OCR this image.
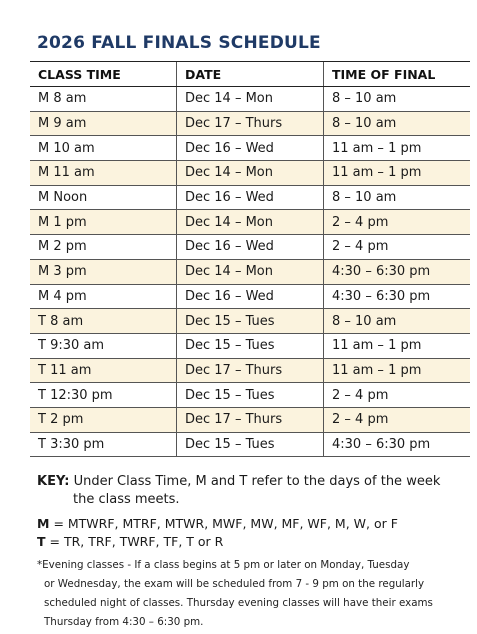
2026 FALL FINALS SCHEDULE
CLASS TIME	DATE	TIME OF FINAL
M 8 am	Dec 14 – Mon	8 – 10 am
M 9 am	Dec 17 – Thurs	8 – 10 am
M 10 am	Dec 16 – Wed	11 am – 1 pm
M 11 am	Dec 14 – Mon	11 am – 1 pm
M Noon	Dec 16 – Wed	8 – 10 am
M 1 pm	Dec 14 – Mon	2 – 4 pm
M 2 pm	Dec 16 – Wed	2 – 4 pm
M 3 pm	Dec 14 – Mon	4:30 – 6:30 pm
M 4 pm	Dec 16 – Wed	4:30 – 6:30 pm
T 8 am	Dec 15 – Tues	8 – 10 am
T 9:30 am	Dec 15 – Tues	11 am – 1 pm
T 11 am	Dec 17 – Thurs	11 am – 1 pm
T 12:30 pm	Dec 15 – Tues	2 – 4 pm
T 2 pm	Dec 17 – Thurs	2 – 4 pm
T 3:30 pm	Dec 15 – Tues	4:30 – 6:30 pm
KEY: Under Class Time, M and T refer to the days of the week
the class meets.
M = MTWRF, MTRF, MTWR, MWF, MW, MF, WF, M, W, or F
T = TR, TRF, TWRF, TF, T or R
*Evening classes - If a class begins at 5 pm or later on Monday, Tuesday
or Wednesday, the exam will be scheduled from 7 - 9 pm on the regularly
scheduled night of classes. Thursday evening classes will have their exams
Thursday from 4:30 – 6:30 pm.
